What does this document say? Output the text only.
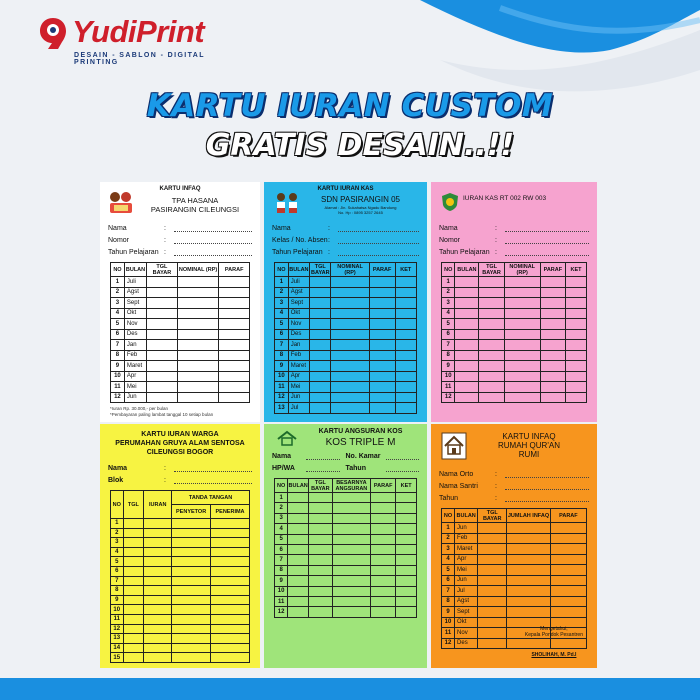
YudiPrint
DESAIN - SABLON - DIGITAL PRINTING
KARTU IURAN CUSTOM
GRATIS DESAIN..!!
KARTU INFAQ
TPA HASANA
PASIRANGIN CILEUNGSI
Nama	:
Nomor	:
Tahun Pelajaran :
NO	BULAN	TGL BAYAR	NOMINAL (RP)	PARAF
1	Juli			
2	Agst			
3	Sept			
4	Okt			
5	Nov			
6	Des			
7	Jan			
8	Feb			
9	Maret			
10	Apr			
11	Mei			
12	Jun			
*Iuran Rp. 30.000,- per bulan
*Pembayaran paling lambat tanggal 10 setiap bulan
KARTU IURAN KAS
SDN PASIRANGIN 05
Alamat : Jln. Sukahatsa Ngadu Bandung
No. Hp : 0895 3257 2645
Nama	:
Kelas / No. Absen :
Tahun Pelajaran :
NO	BULAN	TGL BAYAR	NOMINAL (RP)	PARAF	KET
1	Juli				
2	Agst				
3	Sept				
4	Okt				
5	Nov				
6	Des				
7	Jan				
8	Feb				
9	Maret				
10	Apr				
11	Mei				
12	Jun				
13	Jul				
IURAN KAS RT 002 RW 003
Nama	:
Nomor	:
Tahun Pelajaran :
NO	BULAN	TGL BAYAR	NOMINAL (RP)	PARAF	KET
1					
2					
3					
4					
5					
6					
7					
8					
9					
10					
11					
12					
KARTU IURAN WARGA
PERUMAHAN GRUYA ALAM SENTOSA
CILEUNGSI BOGOR
Nama	:
Blok	:
NO	TGL	IURAN	TANDA TANGAN	
			PENYETOR	PENERIMA
1				
2				
3				
4				
5				
6				
7				
8				
9				
10				
11				
12				
13				
14				
15				
KARTU ANGSURAN KOS
KOS TRIPLE M
Nama	No. Kamar
HP/WA	Tahun
NO	BULAN	TGL BAYAR	BESARNYA ANGSURAN	PARAF	KET
1					
2					
3					
4					
5					
6					
7					
8					
9					
10					
11					
12					
KARTU INFAQ
RUMAH QUR'AN
RUMI
Nama Orto	:
Nama Santri	:
Tahun	:
NO	BULAN	TGL BAYAR	JUMLAH INFAQ	PARAF
1	Jun			
2	Feb			
3	Maret			
4	Apr			
5	Mei			
6	Jun			
7	Jul			
8	Agst			
9	Sept			
10	Okt			
11	Nov			
12	Des			
Mengetahui,
Kepala Pondok Pesantren
SHOLIHAH, M. Pd.I
